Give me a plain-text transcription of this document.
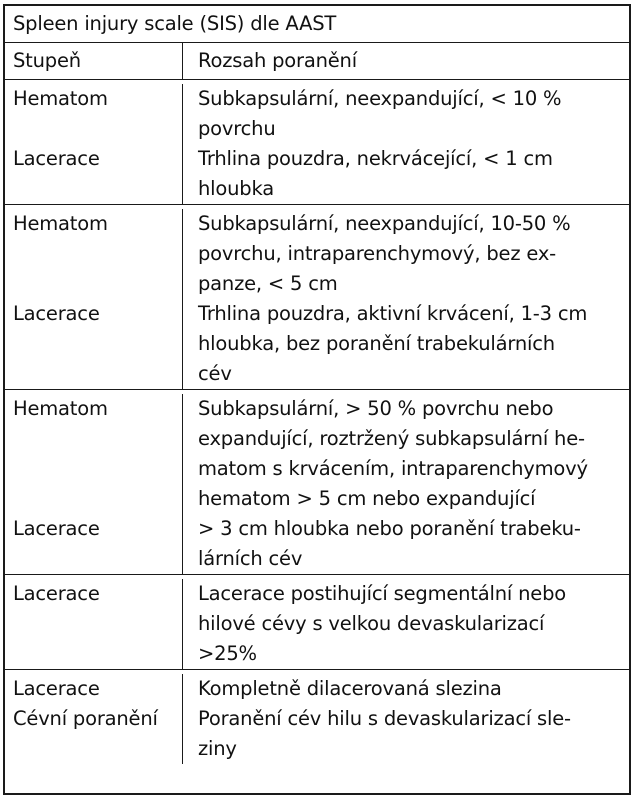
Spleen injury scale (SIS) dle AAST
Stupeň	Rozsah poranění
Hematom
Lacerace
Subkapsulární, neexpandující, < 10 %
povrchu
Trhlina pouzdra, nekrvácející, < 1 cm
hloubka
Hematom
Lacerace
Subkapsulární, neexpandující, 10-50 %
povrchu, intraparenchymový, bez ex-
panze, < 5 cm
Trhlina pouzdra, aktivní krvácení, 1-3 cm
hloubka, bez poranění trabekulárních
cév
Hematom
Lacerace
Subkapsulární, > 50 % povrchu nebo
expandující, roztržený subkapsulární he-
matom s krvácením, intraparenchymový
hematom > 5 cm nebo expandující
> 3 cm hloubka nebo poranění trabeku-
lárních cév
Lacerace	Lacerace postihující segmentální nebo
hilové cévy s velkou devaskularizací
>25%
Lacerace
Cévní poranění
Kompletně dilacerovaná slezina
Poranění cév hilu s devaskularizací sle-
ziny
